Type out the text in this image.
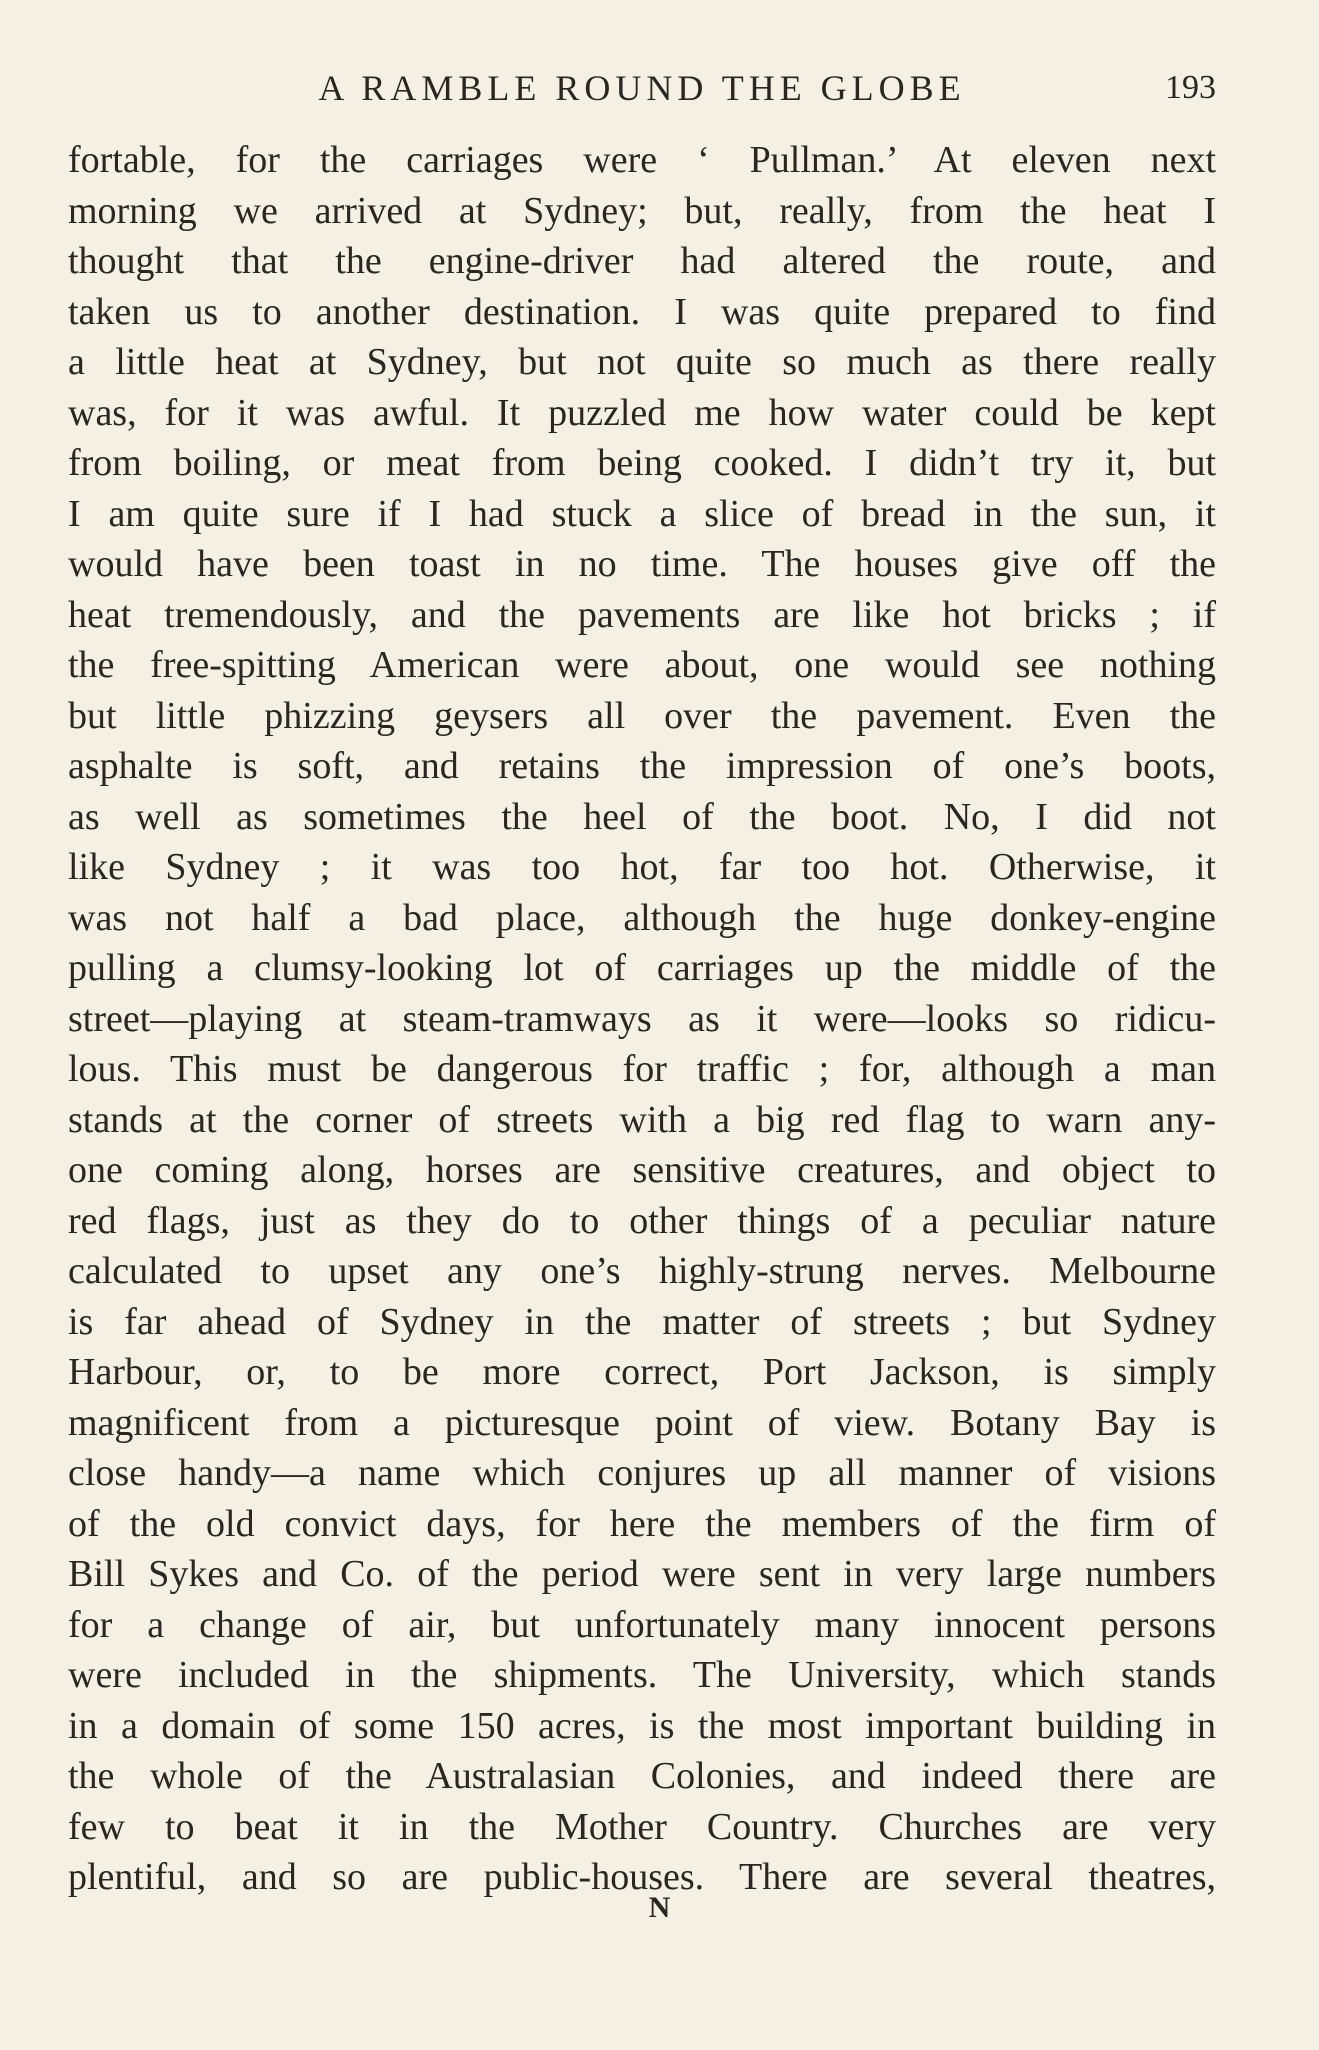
A RAMBLE ROUND THE GLOBE	193
fortable, for the carriages were ‘ Pullman.’ At eleven next
morning we arrived at Sydney; but, really, from the heat I
thought that the engine-driver had altered the route, and
taken us to another destination. I was quite prepared to find
a little heat at Sydney, but not quite so much as there really
was, for it was awful. It puzzled me how water could be kept
from boiling, or meat from being cooked. I didn’t try it, but
I am quite sure if I had stuck a slice of bread in the sun, it
would have been toast in no time. The houses give off the
heat tremendously, and the pavements are like hot bricks ; if
the free-spitting American were about, one would see nothing
but little phizzing geysers all over the pavement. Even the
asphalte is soft, and retains the impression of one’s boots,
as well as sometimes the heel of the boot. No, I did not
like Sydney ; it was too hot, far too hot. Otherwise, it
was not half a bad place, although the huge donkey-engine
pulling a clumsy-looking lot of carriages up the middle of the
street—playing at steam-tramways as it were—looks so ridicu-
lous. This must be dangerous for traffic ; for, although a man
stands at the corner of streets with a big red flag to warn any-
one coming along, horses are sensitive creatures, and object to
red flags, just as they do to other things of a peculiar nature
calculated to upset any one’s highly-strung nerves. Melbourne
is far ahead of Sydney in the matter of streets ; but Sydney
Harbour, or, to be more correct, Port Jackson, is simply
magnificent from a picturesque point of view. Botany Bay is
close handy—a name which conjures up all manner of visions
of the old convict days, for here the members of the firm of
Bill Sykes and Co. of the period were sent in very large numbers
for a change of air, but unfortunately many innocent persons
were included in the shipments. The University, which stands
in a domain of some 150 acres, is the most important building in
the whole of the Australasian Colonies, and indeed there are
few to beat it in the Mother Country. Churches are very
plentiful, and so are public-houses. There are several theatres,
N
